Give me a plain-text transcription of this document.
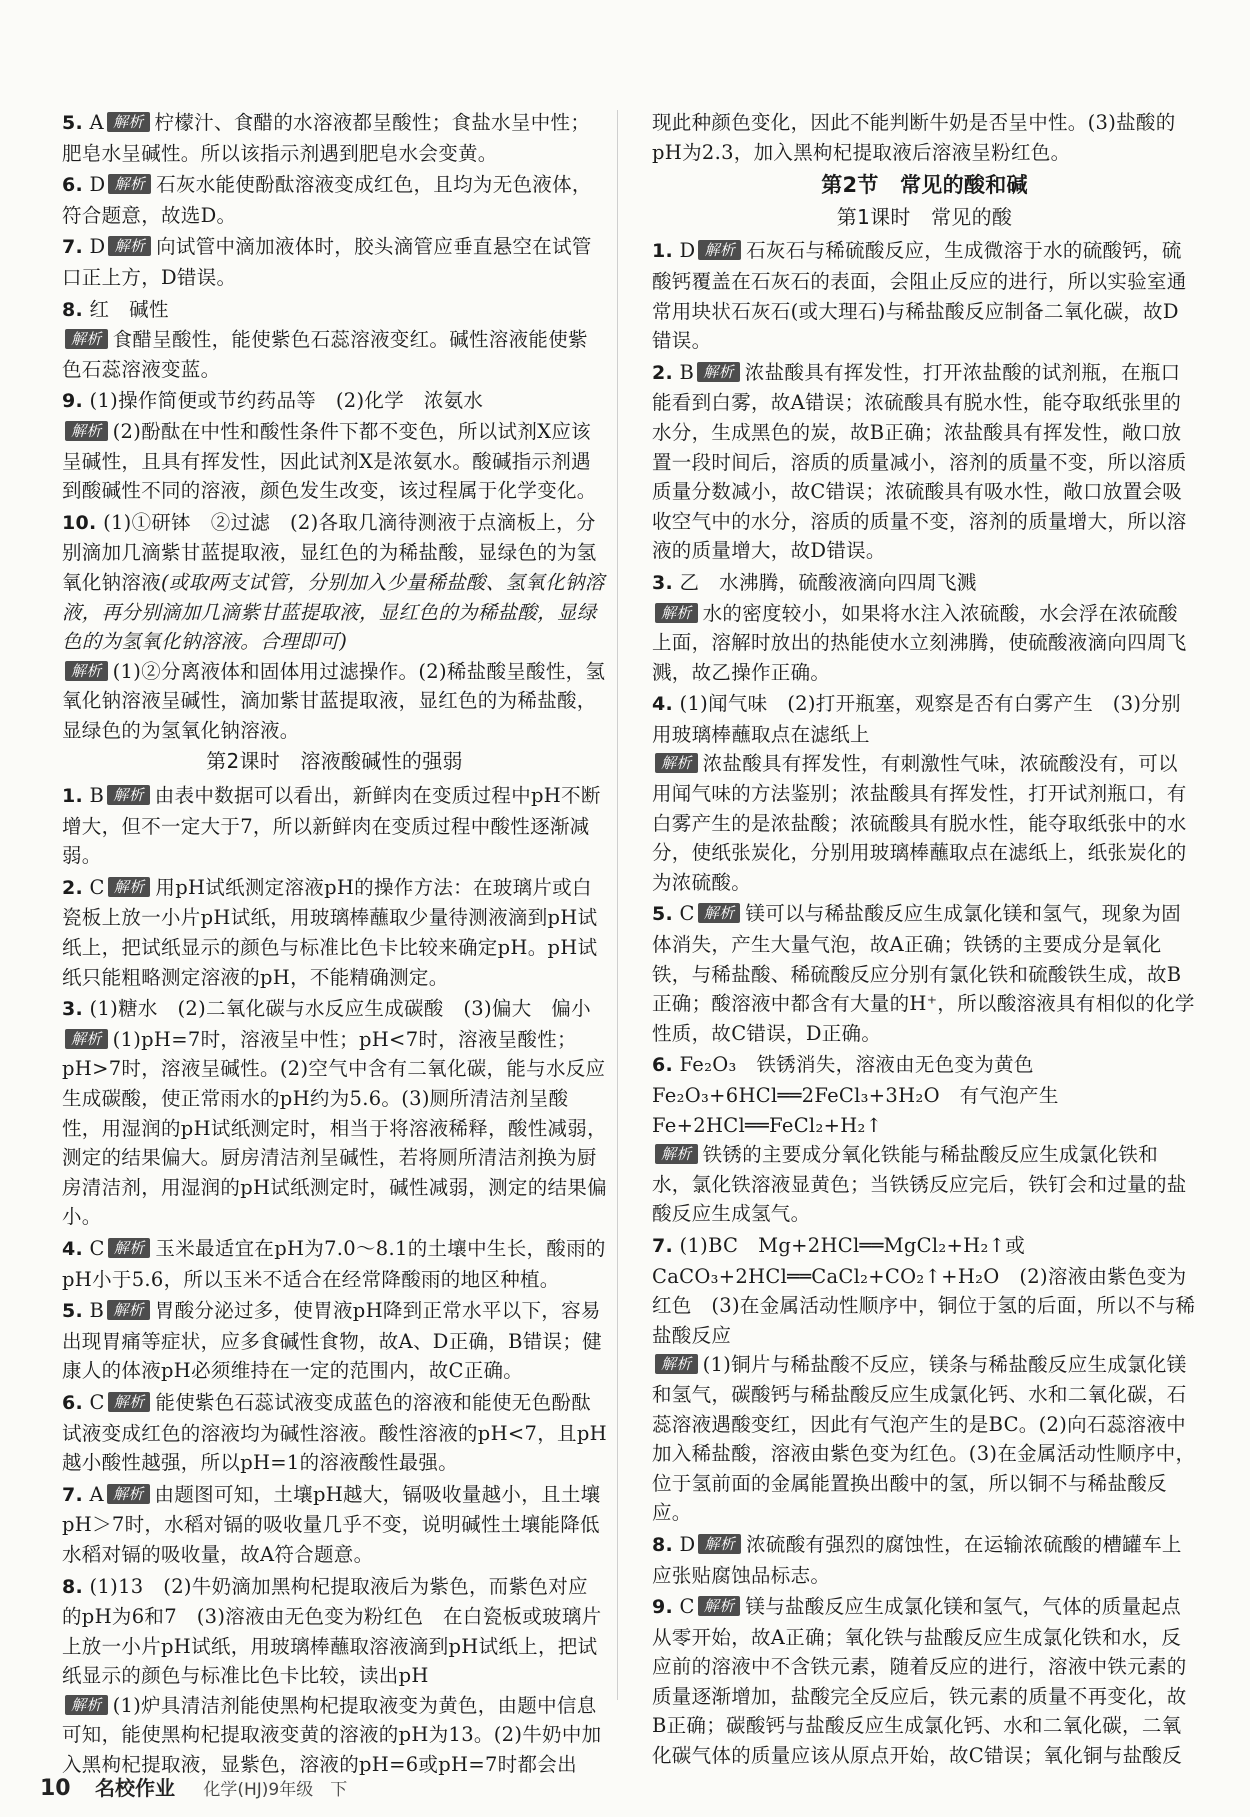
5. A 解析 柠檬汁、食醋的水溶液都呈酸性；食盐水呈中性；肥皂水呈碱性。所以该指示剂遇到肥皂水会变黄。
6. D 解析 石灰水能使酚酞溶液变成红色，且均为无色液体，符合题意，故选D。
7. D 解析 向试管中滴加液体时，胶头滴管应垂直悬空在试管口正上方，D错误。
8. 红　碱性
解析 食醋呈酸性，能使紫色石蕊溶液变红。碱性溶液能使紫色石蕊溶液变蓝。
9. (1)操作简便或节约药品等　(2)化学　浓氨水
解析 (2)酚酞在中性和酸性条件下都不变色，所以试剂X应该呈碱性，且具有挥发性，因此试剂X是浓氨水。酸碱指示剂遇到酸碱性不同的溶液，颜色发生改变，该过程属于化学变化。
10. (1)①研钵　②过滤　(2)各取几滴待测液于点滴板上，分别滴加几滴紫甘蓝提取液，显红色的为稀盐酸，显绿色的为氢氧化钠溶液(或取两支试管，分别加入少量稀盐酸、氢氧化钠溶液，再分别滴加几滴紫甘蓝提取液，显红色的为稀盐酸，显绿色的为氢氧化钠溶液。合理即可)
解析 (1)②分离液体和固体用过滤操作。(2)稀盐酸呈酸性，氢氧化钠溶液呈碱性，滴加紫甘蓝提取液，显红色的为稀盐酸，显绿色的为氢氧化钠溶液。
第2课时　溶液酸碱性的强弱
1. B 解析 由表中数据可以看出，新鲜肉在变质过程中pH不断增大，但不一定大于7，所以新鲜肉在变质过程中酸性逐渐减弱。
2. C 解析 用pH试纸测定溶液pH的操作方法：在玻璃片或白瓷板上放一小片pH试纸，用玻璃棒蘸取少量待测液滴到pH试纸上，把试纸显示的颜色与标准比色卡比较来确定pH。pH试纸只能粗略测定溶液的pH，不能精确测定。
3. (1)糖水　(2)二氧化碳与水反应生成碳酸　(3)偏大　偏小
解析 (1)pH=7时，溶液呈中性；pH<7时，溶液呈酸性；pH>7时，溶液呈碱性。(2)空气中含有二氧化碳，能与水反应生成碳酸，使正常雨水的pH约为5.6。(3)厕所清洁剂呈酸性，用湿润的pH试纸测定时，相当于将溶液稀释，酸性减弱，测定的结果偏大。厨房清洁剂呈碱性，若将厕所清洁剂换为厨房清洁剂，用湿润的pH试纸测定时，碱性减弱，测定的结果偏小。
4. C 解析 玉米最适宜在pH为7.0～8.1的土壤中生长，酸雨的pH小于5.6，所以玉米不适合在经常降酸雨的地区种植。
5. B 解析 胃酸分泌过多，使胃液pH降到正常水平以下，容易出现胃痛等症状，应多食碱性食物，故A、D正确，B错误；健康人的体液pH必须维持在一定的范围内，故C正确。
6. C 解析 能使紫色石蕊试液变成蓝色的溶液和能使无色酚酞试液变成红色的溶液均为碱性溶液。酸性溶液的pH<7，且pH越小酸性越强，所以pH=1的溶液酸性最强。
7. A 解析 由题图可知，土壤pH越大，镉吸收量越小，且土壤pH＞7时，水稻对镉的吸收量几乎不变，说明碱性土壤能降低水稻对镉的吸收量，故A符合题意。
8. (1)13　(2)牛奶滴加黑枸杞提取液后为紫色，而紫色对应的pH为6和7　(3)溶液由无色变为粉红色　在白瓷板或玻璃片上放一小片pH试纸，用玻璃棒蘸取溶液滴到pH试纸上，把试纸显示的颜色与标准比色卡比较，读出pH
解析 (1)炉具清洁剂能使黑枸杞提取液变为黄色，由题中信息可知，能使黑枸杞提取液变黄的溶液的pH为13。(2)牛奶中加入黑枸杞提取液，显紫色，溶液的pH=6或pH=7时都会出
现此种颜色变化，因此不能判断牛奶是否呈中性。(3)盐酸的pH为2.3，加入黑枸杞提取液后溶液呈粉红色。
第2节　常见的酸和碱
第1课时　常见的酸
1. D 解析 石灰石与稀硫酸反应，生成微溶于水的硫酸钙，硫酸钙覆盖在石灰石的表面，会阻止反应的进行，所以实验室通常用块状石灰石(或大理石)与稀盐酸反应制备二氧化碳，故D错误。
2. B 解析 浓盐酸具有挥发性，打开浓盐酸的试剂瓶，在瓶口能看到白雾，故A错误；浓硫酸具有脱水性，能夺取纸张里的水分，生成黑色的炭，故B正确；浓盐酸具有挥发性，敞口放置一段时间后，溶质的质量减小，溶剂的质量不变，所以溶质质量分数减小，故C错误；浓硫酸具有吸水性，敞口放置会吸收空气中的水分，溶质的质量不变，溶剂的质量增大，所以溶液的质量增大，故D错误。
3. 乙　水沸腾，硫酸液滴向四周飞溅
解析 水的密度较小，如果将水注入浓硫酸，水会浮在浓硫酸上面，溶解时放出的热能使水立刻沸腾，使硫酸液滴向四周飞溅，故乙操作正确。
4. (1)闻气味　(2)打开瓶塞，观察是否有白雾产生　(3)分别用玻璃棒蘸取点在滤纸上
解析 浓盐酸具有挥发性，有刺激性气味，浓硫酸没有，可以用闻气味的方法鉴别；浓盐酸具有挥发性，打开试剂瓶口，有白雾产生的是浓盐酸；浓硫酸具有脱水性，能夺取纸张中的水分，使纸张炭化，分别用玻璃棒蘸取点在滤纸上，纸张炭化的为浓硫酸。
5. C 解析 镁可以与稀盐酸反应生成氯化镁和氢气，现象为固体消失，产生大量气泡，故A正确；铁锈的主要成分是氧化铁，与稀盐酸、稀硫酸反应分别有氯化铁和硫酸铁生成，故B正确；酸溶液中都含有大量的H⁺，所以酸溶液具有相似的化学性质，故C错误，D正确。
6. Fe₂O₃　铁锈消失，溶液由无色变为黄色　Fe₂O₃+6HCl══2FeCl₃+3H₂O　有气泡产生　Fe+2HCl══FeCl₂+H₂↑
解析 铁锈的主要成分氧化铁能与稀盐酸反应生成氯化铁和水，氯化铁溶液显黄色；当铁锈反应完后，铁钉会和过量的盐酸反应生成氢气。
7. (1)BC　Mg+2HCl══MgCl₂+H₂↑或CaCO₃+2HCl══CaCl₂+CO₂↑+H₂O　(2)溶液由紫色变为红色　(3)在金属活动性顺序中，铜位于氢的后面，所以不与稀盐酸反应
解析 (1)铜片与稀盐酸不反应，镁条与稀盐酸反应生成氯化镁和氢气，碳酸钙与稀盐酸反应生成氯化钙、水和二氧化碳，石蕊溶液遇酸变红，因此有气泡产生的是BC。(2)向石蕊溶液中加入稀盐酸，溶液由紫色变为红色。(3)在金属活动性顺序中，位于氢前面的金属能置换出酸中的氢，所以铜不与稀盐酸反应。
8. D 解析 浓硫酸有强烈的腐蚀性，在运输浓硫酸的槽罐车上应张贴腐蚀品标志。
9. C 解析 镁与盐酸反应生成氯化镁和氢气，气体的质量起点从零开始，故A正确；氧化铁与盐酸反应生成氯化铁和水，反应前的溶液中不含铁元素，随着反应的进行，溶液中铁元素的质量逐渐增加，盐酸完全反应后，铁元素的质量不再变化，故B正确；碳酸钙与盐酸反应生成氯化钙、水和二氧化碳，二氧化碳气体的质量应该从原点开始，故C错误；氧化铜与盐酸反
10 名校作业 化学(HJ)9年级　下
